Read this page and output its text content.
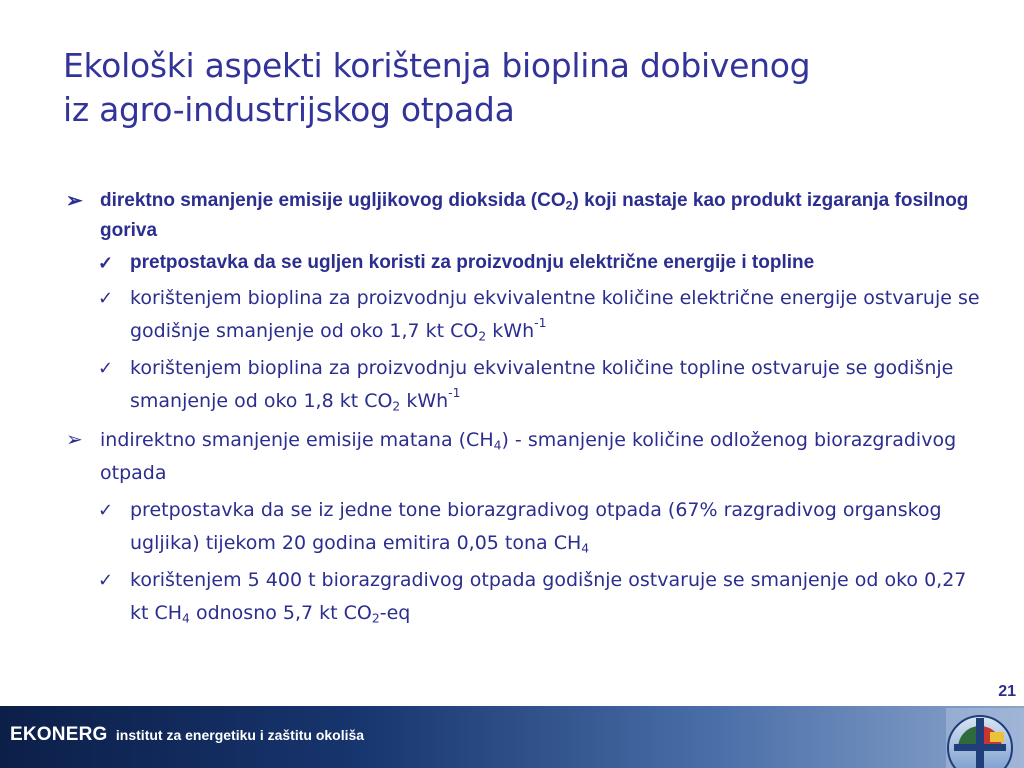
Ekološki aspekti korištenja bioplina dobivenog
iz agro-industrijskog otpada
➢ direktno smanjenje emisije ugljikovog dioksida $(CO_2)$ koji nastaje kao produkt izgaranja fosilnog goriva
✓ pretpostavka da se ugljen koristi za proizvodnju električne energije i topline
✓ korištenjem bioplina za proizvodnju ekvivalentne količine električne energije ostvaruje se godišnje smanjenje od oko 1,7 kt $CO_2$ kWh$^{-1}$
✓ korištenjem bioplina za proizvodnju ekvivalentne količine topline ostvaruje se godišnje smanjenje od oko 1,8 kt $CO_2$ kWh$^{-1}$
➢ indirektno smanjenje emisije matana $(CH_4)$ - smanjenje količine odloženog biorazgradivog otpada
✓ pretpostavka da se iz jedne tone biorazgradivog otpada (67% razgradivog organskog ugljika) tijekom 20 godina emitira 0,05 tona $CH_4$
✓ korištenjem 5 400 t biorazgradivog otpada godišnje ostvaruje se smanjenje od oko 0,27 kt $CH_4$ odnosno 5,7 kt $CO_2-eq$
21
EKONERG institut za energetiku i zaštitu okoliša
